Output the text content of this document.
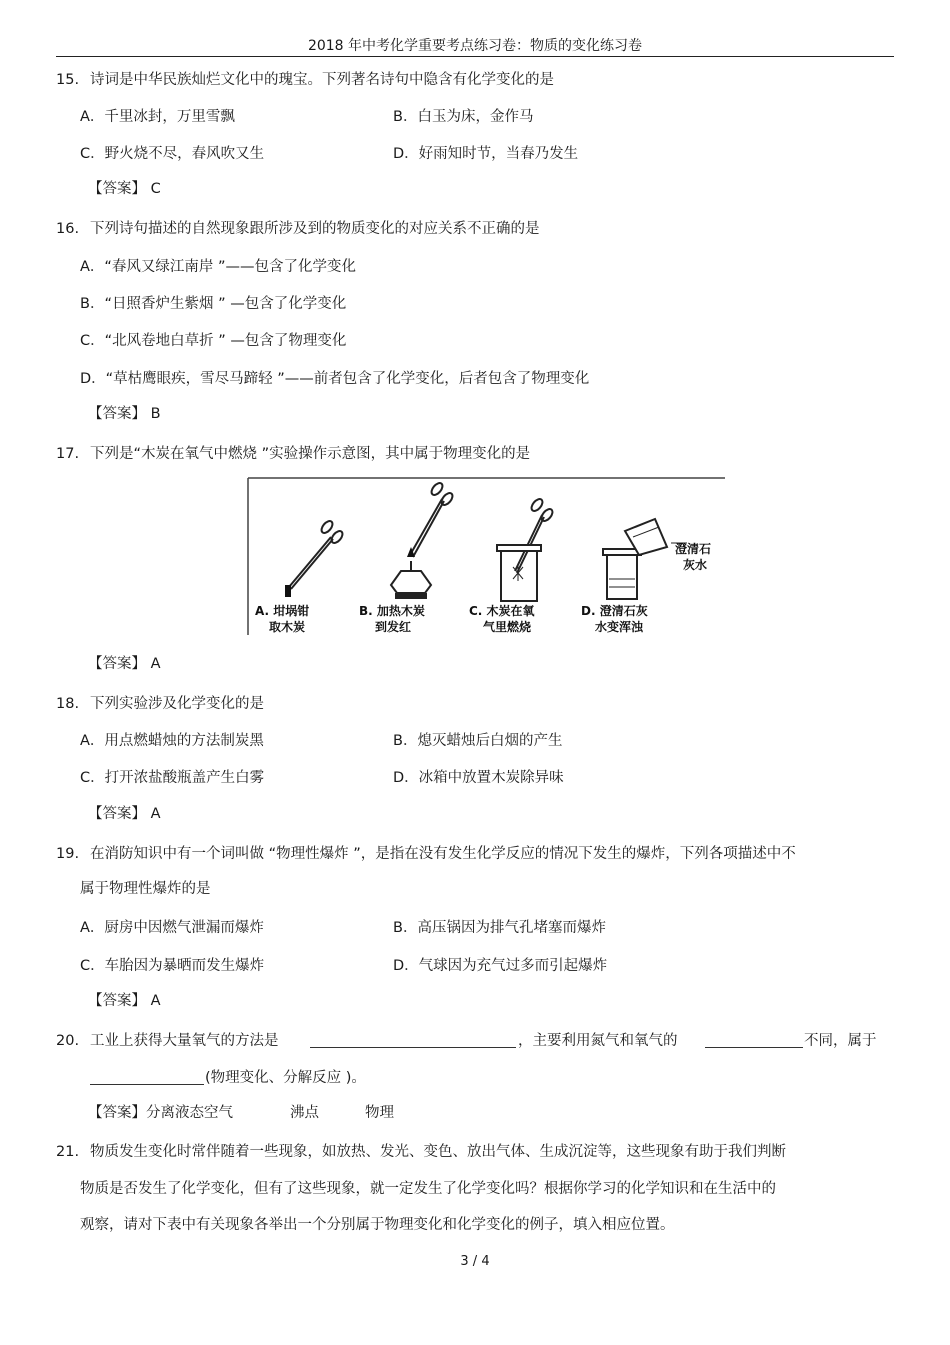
2018 年中考化学重要考点练习卷：物质的变化练习卷
15. 诗词是中华民族灿烂文化中的瑰宝。下列著名诗句中隐含有化学变化的是
A．千里冰封，万里雪飘	B．白玉为床，金作马
C．野火烧不尽，春风吹又生	D．好雨知时节，当春乃发生
【答案】 C
16. 下列诗句描述的自然现象跟所涉及到的物质变化的对应关系不正确的是
A．“春风又绿江南岸 ”——包含了化学变化
B．“日照香炉生紫烟 ” —包含了化学变化
C．“北风卷地白草折 ” —包含了物理变化
D．“草枯鹰眼疾，雪尽马蹄轻 ”——前者包含了化学变化，后者包含了物理变化
【答案】 B
17. 下列是“木炭在氧气中燃烧 ”实验操作示意图，其中属于物理变化的是
A. 坩埚钳
取木炭
B. 加热木炭
到发红
C. 木炭在氧
气里燃烧
D. 澄清石灰
水变浑浊
澄清石
灰水
【答案】 A
18. 下列实验涉及化学变化的是
A．用点燃蜡烛的方法制炭黑	B．熄灭蜡烛后白烟的产生
C．打开浓盐酸瓶盖产生白雾	D．冰箱中放置木炭除异味
【答案】 A
19. 在消防知识中有一个词叫做 “物理性爆炸 ”，是指在没有发生化学反应的情况下发生的爆炸，下列各项描述中不
属于物理性爆炸的是
A．厨房中因燃气泄漏而爆炸	B．高压锅因为排气孔堵塞而爆炸
C．车胎因为暴晒而发生爆炸	D．气球因为充气过多而引起爆炸
【答案】 A
20. 工业上获得大量氧气的方法是	，主要利用氮气和氧气的	不同，属于
(物理变化、分解反应 )。
【答案】分离液态空气	沸点	物理
21. 物质发生变化时常伴随着一些现象，如放热、发光、变色、放出气体、生成沉淀等，这些现象有助于我们判断
物质是否发生了化学变化，但有了这些现象，就一定发生了化学变化吗？根据你学习的化学知识和在生活中的
观察，请对下表中有关现象各举出一个分别属于物理变化和化学变化的例子，填入相应位置。
3 / 4
